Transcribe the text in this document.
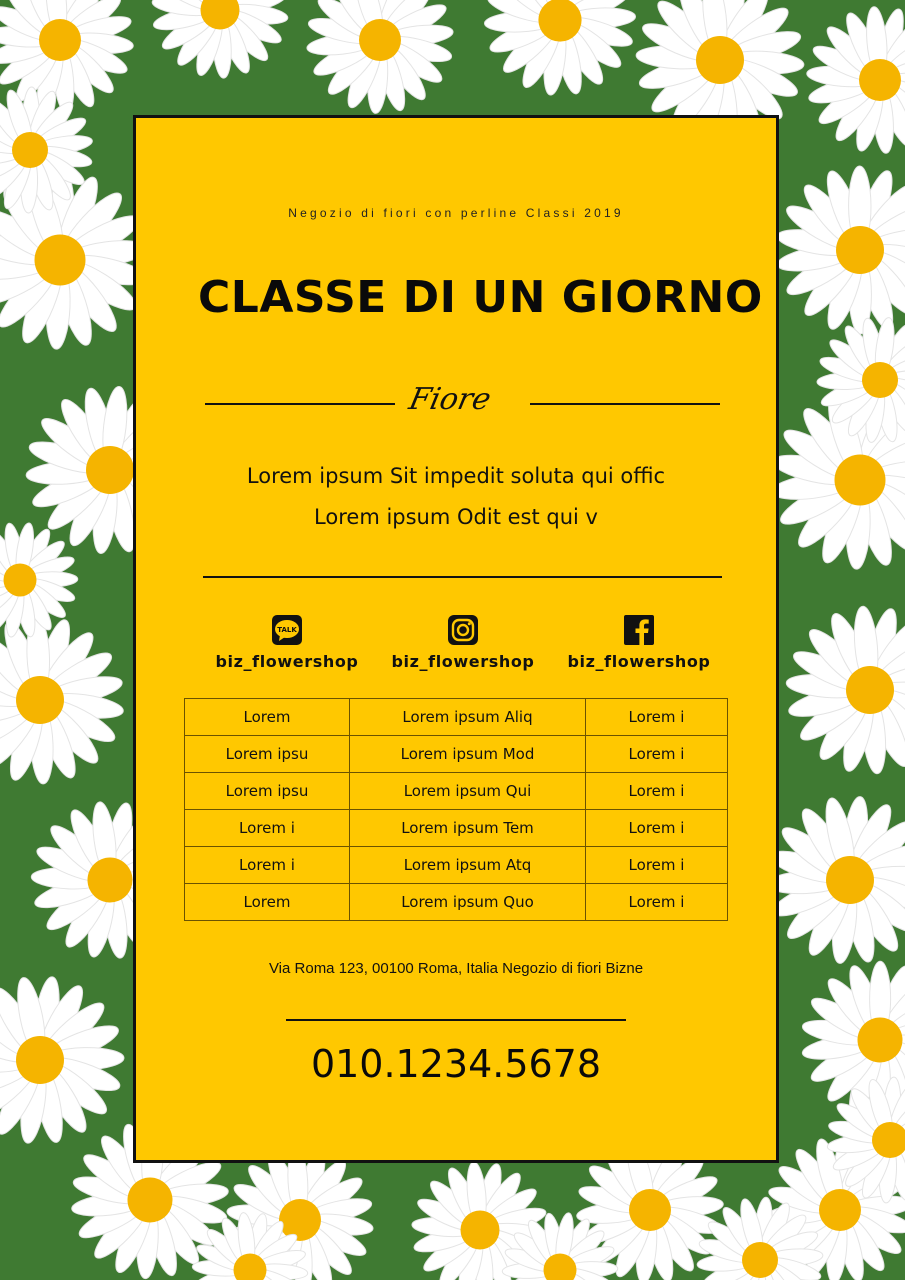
Negozio di fiori con perline Classi 2019
CLASSE DI UN GIORNO
Fiore
Lorem ipsum Sit impedit soluta qui offic
Lorem ipsum Odit est qui v
TALK
biz_flowershop	biz_flowershop	biz_flowershop
Lorem	Lorem ipsum Aliq	Lorem i
Lorem ipsu	Lorem ipsum Mod	Lorem i
Lorem ipsu	Lorem ipsum Qui	Lorem i
Lorem i	Lorem ipsum Tem	Lorem i
Lorem i	Lorem ipsum Atq	Lorem i
Lorem	Lorem ipsum Quo	Lorem i
Via Roma 123, 00100 Roma, Italia Negozio di fiori Bizne
010.1234.5678
